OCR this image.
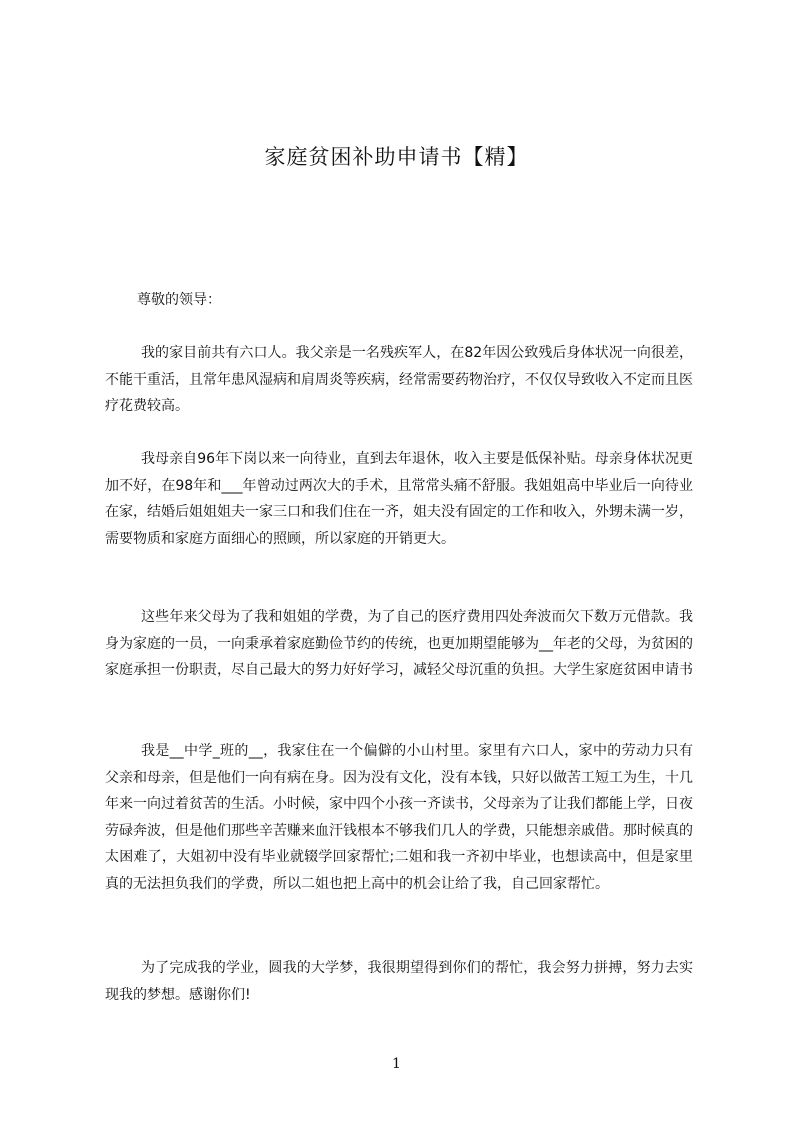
家庭贫困补助申请书【精】

尊敬的领导：

我的家目前共有六口人。我父亲是一名残疾军人，在82年因公致残后身体状况一向很差，不能干重活，且常年患风湿病和肩周炎等疾病，经常需要药物治疗，不仅仅导致收入不定而且医疗花费较高。

我母亲自96年下岗以来一向待业，直到去年退休，收入主要是低保补贴。母亲身体状况更加不好，在98年和___年曾动过两次大的手术，且常常头痛不舒服。我姐姐高中毕业后一向待业在家，结婚后姐姐姐夫一家三口和我们住在一齐，姐夫没有固定的工作和收入，外甥未满一岁，需要物质和家庭方面细心的照顾，所以家庭的开销更大。

这些年来父母为了我和姐姐的学费，为了自己的医疗费用四处奔波而欠下数万元借款。我身为家庭的一员，一向秉承着家庭勤俭节约的传统，也更加期望能够为__年老的父母，为贫困的家庭承担一份职责，尽自己最大的努力好好学习，减轻父母沉重的负担。大学生家庭贫困申请书

我是__中学_班的__，我家住在一个偏僻的小山村里。家里有六口人，家中的劳动力只有父亲和母亲，但是他们一向有病在身。因为没有文化，没有本钱，只好以做苦工短工为生，十几年来一向过着贫苦的生活。小时候，家中四个小孩一齐读书，父母亲为了让我们都能上学，日夜劳碌奔波，但是他们那些辛苦赚来血汗钱根本不够我们几人的学费，只能想亲戚借。那时候真的太困难了，大姐初中没有毕业就辍学回家帮忙;二姐和我一齐初中毕业，也想读高中，但是家里真的无法担负我们的学费，所以二姐也把上高中的机会让给了我，自己回家帮忙。

为了完成我的学业，圆我的大学梦，我很期望得到你们的帮忙，我会努力拼搏，努力去实现我的梦想。感谢你们!

1
